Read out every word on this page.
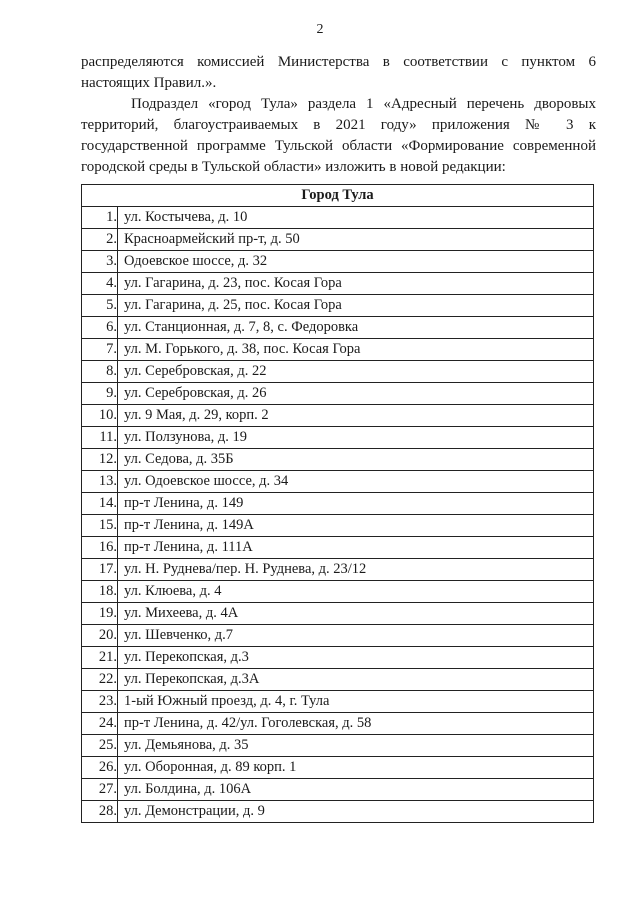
2

распределяются комиссией Министерства в соответствии с пунктом 6 настоящих Правил.».

Подраздел «город Тула» раздела 1 «Адресный перечень дворовых территорий, благоустраиваемых в 2021 году» приложения № 3 к государственной программе Тульской области «Формирование современной городской среды в Тульской области» изложить в новой редакции:

Город Тула	
1.	ул. Костычева, д. 10
2.	Красноармейский пр-т, д. 50
3.	Одоевское шоссе, д. 32
4.	ул. Гагарина, д. 23, пос. Косая Гора
5.	ул. Гагарина, д. 25, пос. Косая Гора
6.	ул. Станционная, д. 7, 8, с. Федоровка
7.	ул. М. Горького, д. 38, пос. Косая Гора
8.	ул. Серебровская, д. 22
9.	ул. Серебровская, д. 26
10.	ул. 9 Мая, д. 29, корп. 2
11.	ул. Ползунова, д. 19
12.	ул. Седова, д. 35Б
13.	ул. Одоевское шоссе, д. 34
14.	пр-т Ленина, д. 149
15.	пр-т Ленина, д. 149А
16.	пр-т Ленина, д. 111А
17.	ул. Н. Руднева/пер. Н. Руднева, д. 23/12
18.	ул. Клюева, д. 4
19.	ул. Михеева, д. 4А
20.	ул. Шевченко, д.7
21.	ул. Перекопская, д.3
22.	ул. Перекопская, д.3А
23.	1-ый Южный проезд, д. 4, г. Тула
24.	пр-т Ленина, д. 42/ул. Гоголевская, д. 58
25.	ул. Демьянова, д. 35
26.	ул. Оборонная, д. 89 корп. 1
27.	ул. Болдина, д. 106А
28.	ул. Демонстрации, д. 9
